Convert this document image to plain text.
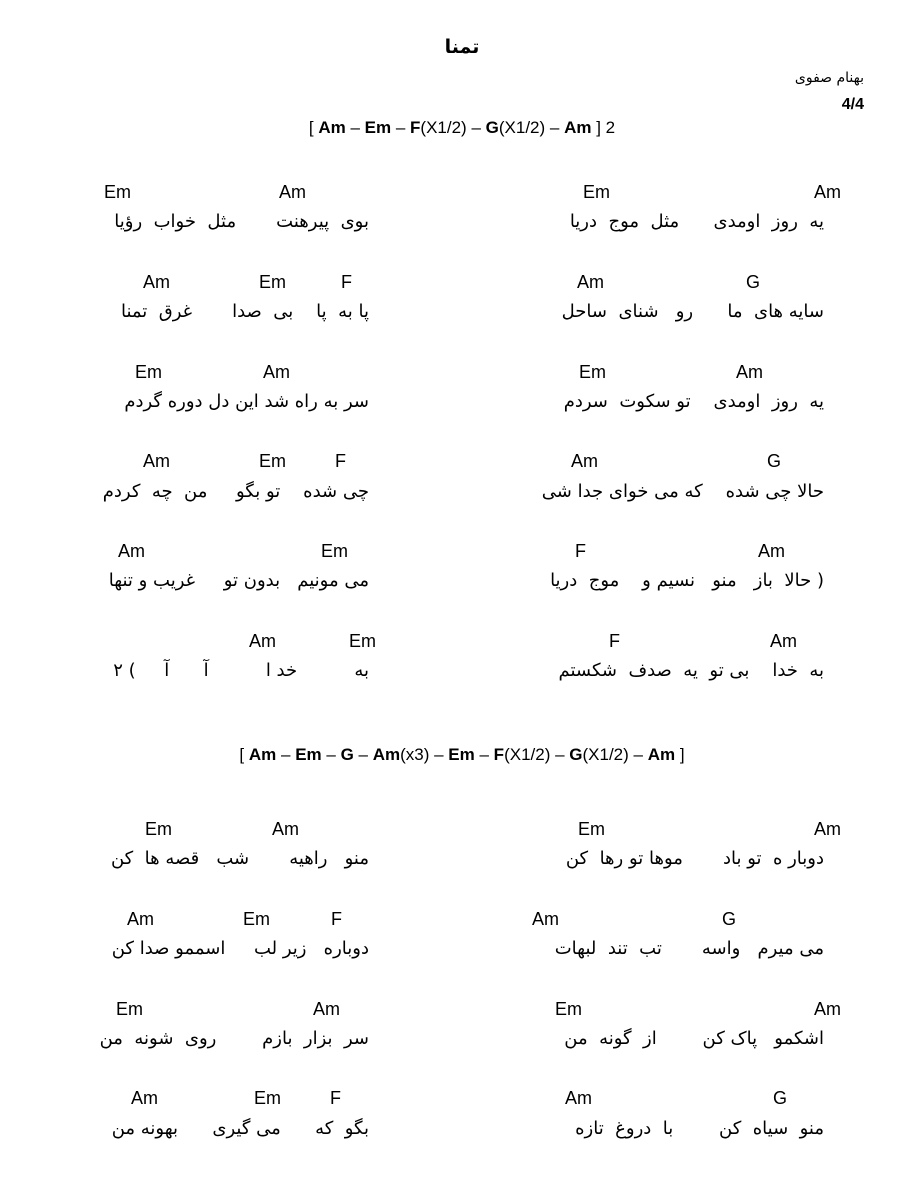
تمنا
بهنام صفوی
4/4
[ Am – Em – F(X1/2) – G(X1/2) – Am ] 2
[ Am – Em – G – Am(x3) – Em – F(X1/2) – G(X1/2) – Am ]
Am
Em
یه  روز  اومدی      مثل  موج  دریا
Am
Em
بوی  پیرهنت       مثل  خواب  رؤیا
G
Am
سایه های  ما      رو   شنای  ساحل
F
Em
Am
پا به  پا    بی  صدا       غرق  تمنا
Am
Em
یه  روز  اومدی    تو سکوت  سردم
Am
Em
سر به راه شد این دل دوره گردم
G
Am
حالا چی شده    که می خوای جدا شی
F
Em
Am
چی شده    تو بگو     من  چه  کردم
Am
F
( حالا  باز   منو   نسیم و    موج  دریا
Em
Am
می مونیم   بدون تو     غریب و تنها
Am
F
به  خدا    بی تو  یه  صدف  شکستم
Em
Am
به          خد ا          آ      آ     ) ۲
Am
Em
دوبار ه  تو باد       موها تو رها  کن
Am
Em
منو   راهیه       شب   قصه ها  کن
G
Am
می میرم   واسه       تب  تند  لبهات
F
Em
Am
دوباره   زیر لب     اسممو صدا کن
Am
Em
اشکمو   پاک کن        از  گونه  من
Am
Em
سر  بزار  بازم        روی  شونه  من
G
Am
منو  سیاه  کن        با  دروغ  تازه
F
Em
Am
بگو  که      می گیری      بهونه من
